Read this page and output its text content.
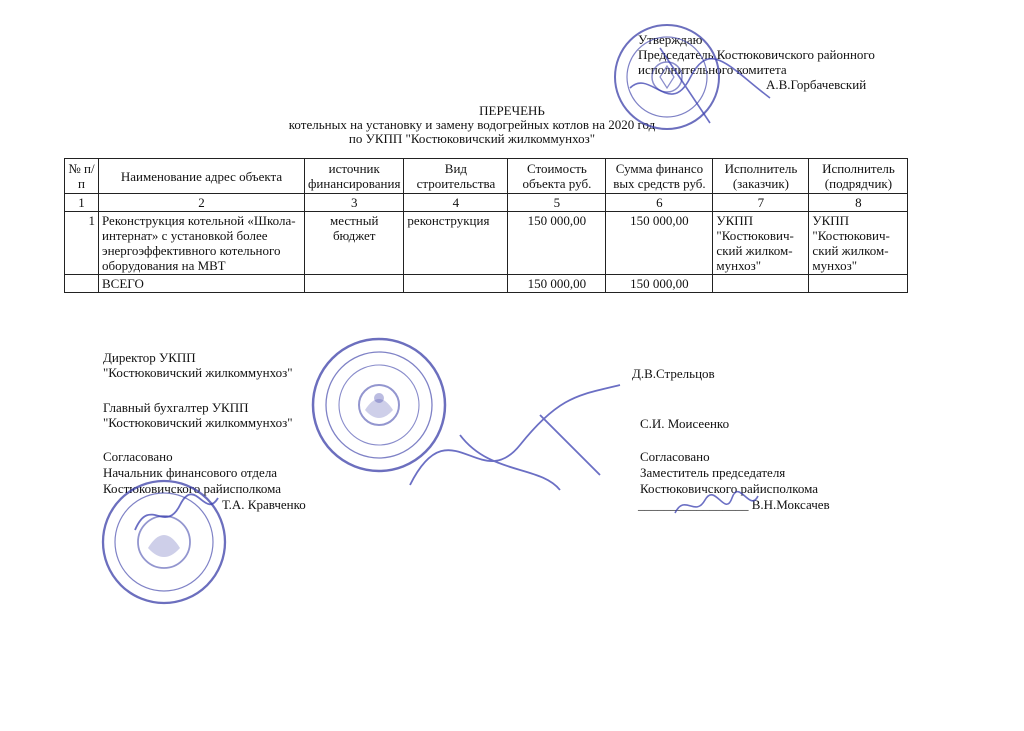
Утверждаю
Председатель Костюковичского районного
исполнительного комитета
А.В.Горбачевский
ПЕРЕЧЕНЬ
котельных на установку и замену водогрейных котлов на 2020 год
по УКПП "Костюковичский жилкоммунхоз"
№ п/п	Наименование адрес объекта	источник финансирования	Вид строительства	Стоимость объекта руб.	Сумма финансо вых средств руб.	Исполнитель (заказчик)	Исполнитель (подрядчик)
1	2	3	4	5	6	7	8
1	Реконструкция котельной «Школа-интернат» с установкой более энергоэффективного котельного оборудования на МВТ	местный бюджет	реконструкция	150 000,00	150 000,00	УКПП "Костюкович-ский жилком-мунхоз"	УКПП "Костюкович-ский жилком-мунхоз"
	ВСЕГО			150 000,00	150 000,00		
Директор УКПП
"Костюковичский жилкоммунхоз"	Д.В.Стрельцов
Главный бухгалтер УКПП
"Костюковичский жилкоммунхоз"	С.И. Моисеенко
Согласовано
Начальник финансового отдела
Костюковичского райисполкома
Т.А. Кравченко
Согласовано
Заместитель председателя
Костюковичского райисполкома
_________________ В.Н.Моксачев
